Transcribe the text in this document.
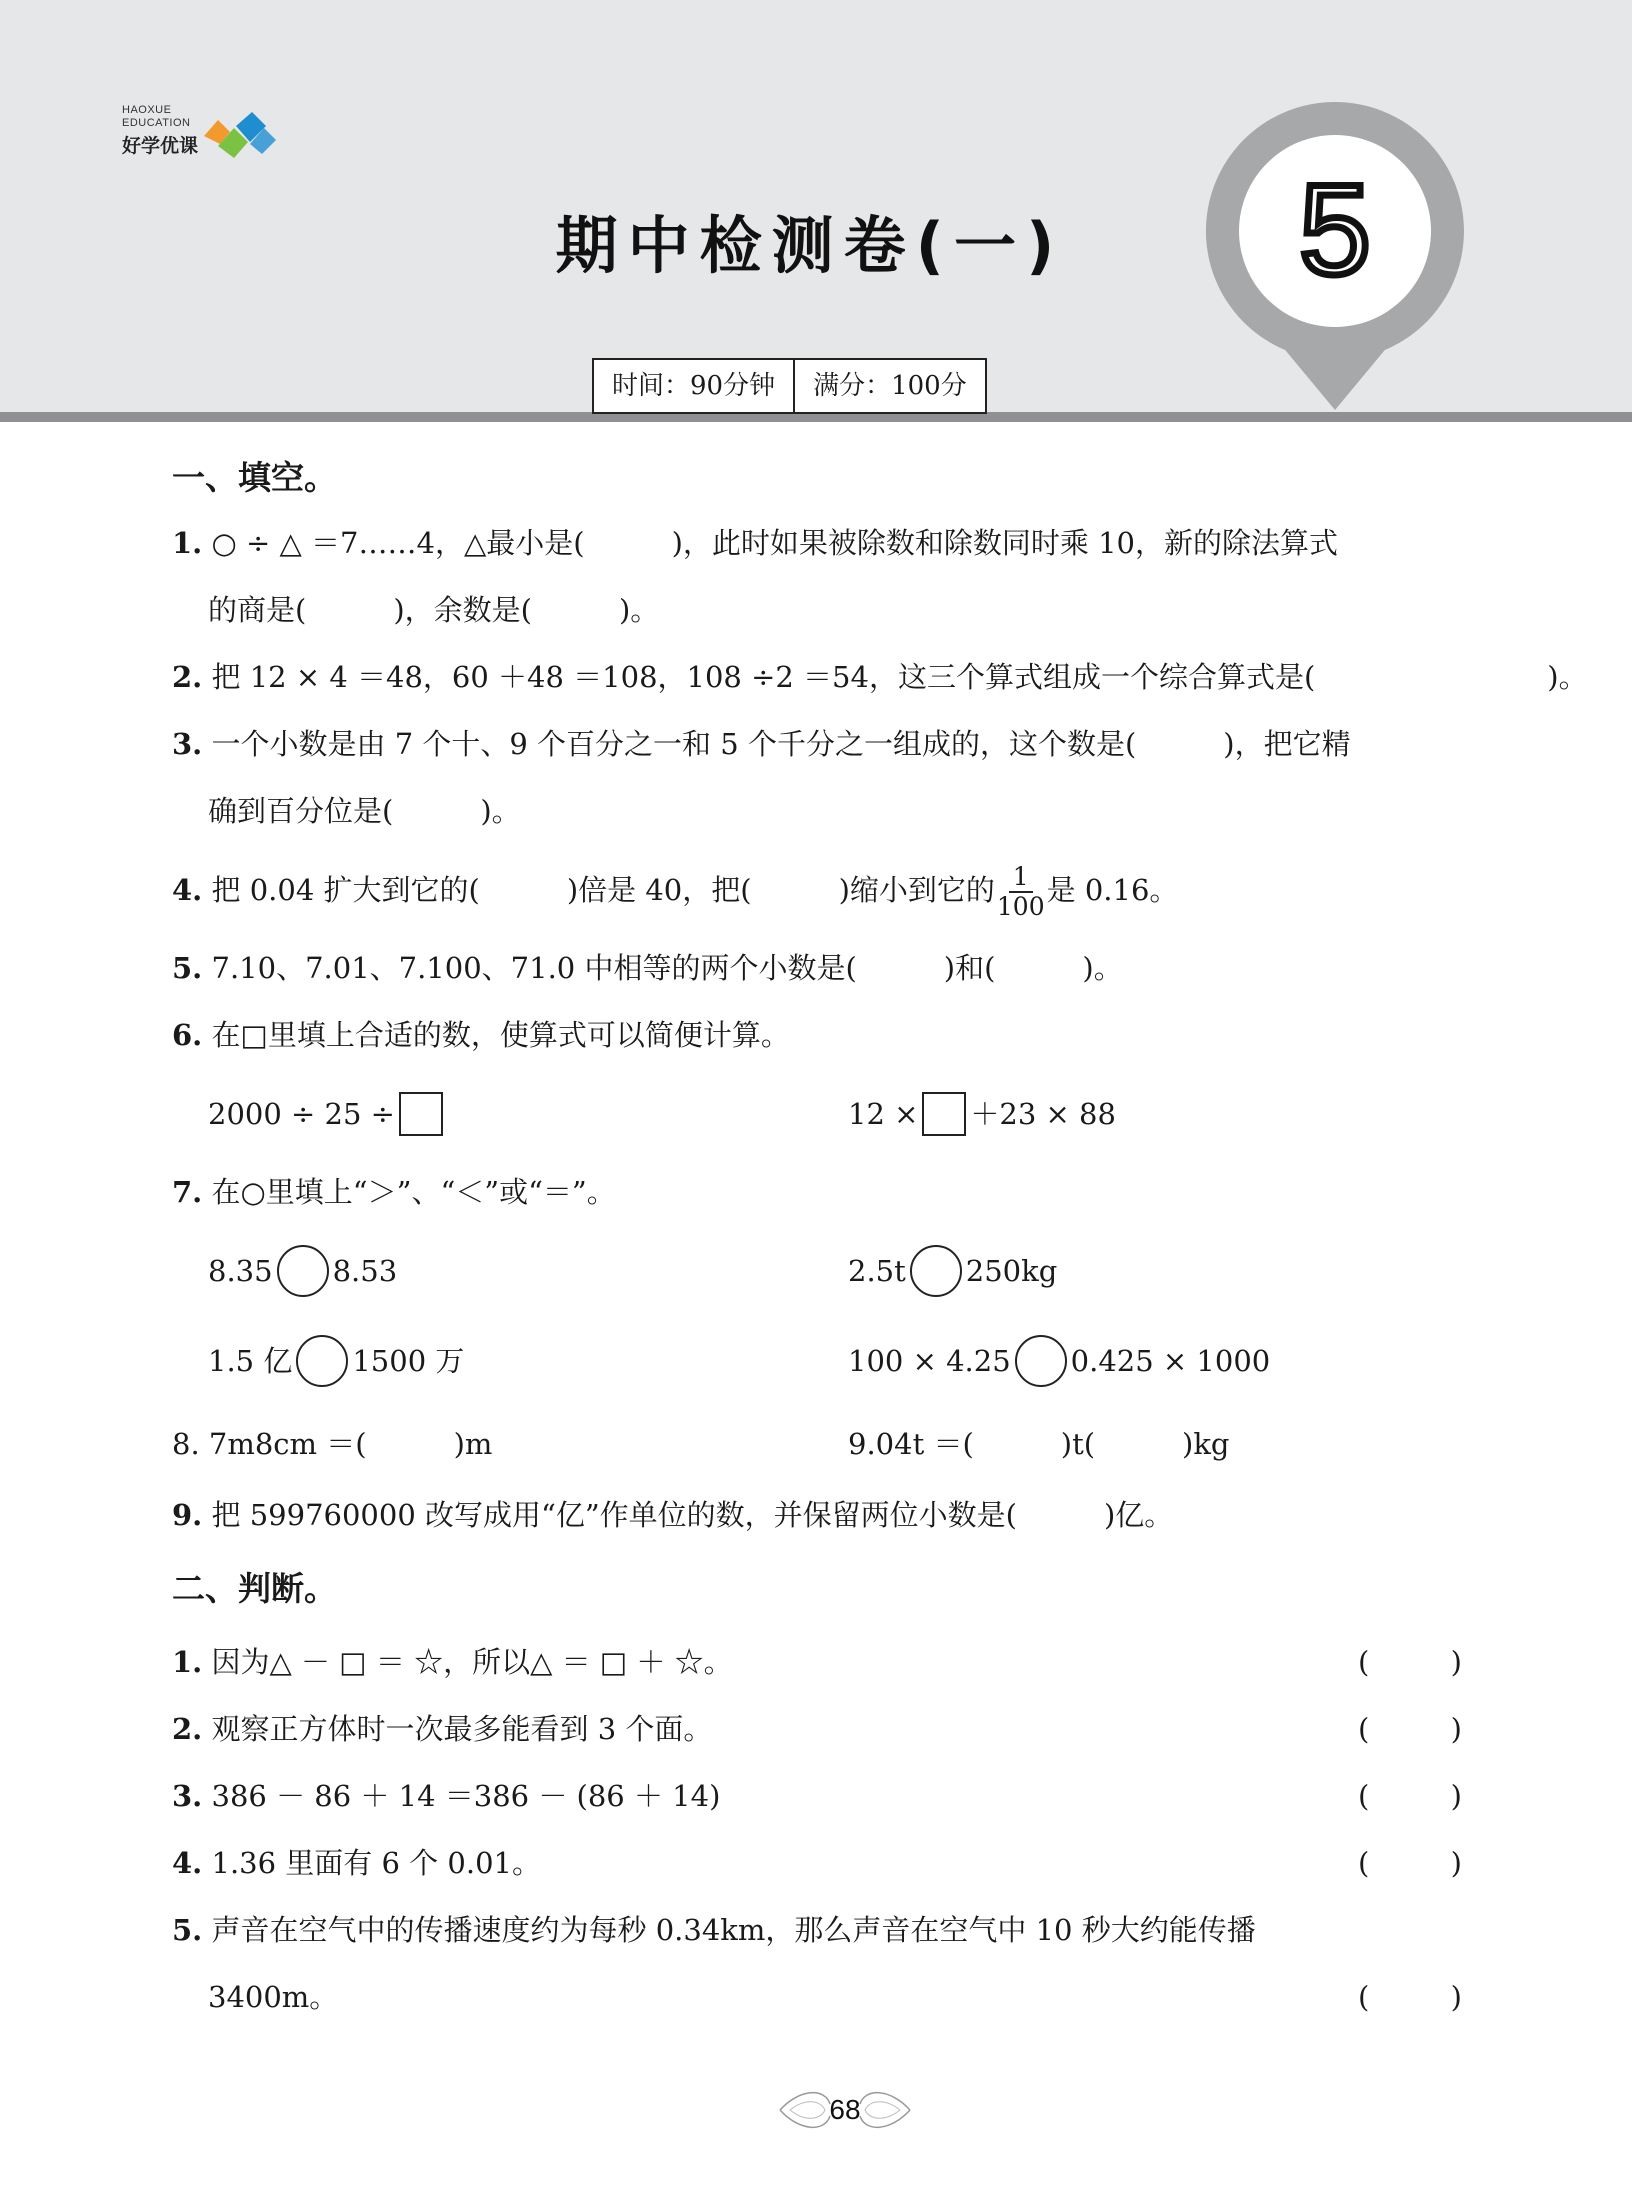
HAOXUE
EDUCATION
好学优课
期中检测卷(一)	5
时间：90分钟	满分：100分
一、填空。
1. ○ ÷ △ ＝7……4，△最小是(　　　)，此时如果被除数和除数同时乘 10，新的除法算式
的商是(　　　)，余数是(　　　)。
2. 把 12 × 4 ＝48，60 ＋48 ＝108，108 ÷2 ＝54，这三个算式组成一个综合算式是(　　　　　　　　)。
3. 一个小数是由 7 个十、9 个百分之一和 5 个千分之一组成的，这个数是(　　　)，把它精
确到百分位是(　　　)。
4. 把 0.04 扩大到它的(　　　)倍是 40，把(　　　)缩小到它的 $\frac{1}{100}$ 是 0.16。
5. 7.10、7.01、7.100、71.0 中相等的两个小数是(　　　)和(　　　)。
6. 在□里填上合适的数，使算式可以简便计算。
2000 ÷ 25 ÷	12 × ＋23 × 88
7. 在○里填上“＞”、“＜”或“＝”。
8.35 8.53	2.5t 250kg
1.5 亿 1500 万	100 × 4.25 0.425 × 1000
8.
7m8cm ＝(　　　)m	9.04t ＝(　　　)t(　　　)kg
9. 把 599760000 改写成用“亿”作单位的数，并保留两位小数是(　　　)亿。
二、判断。
1. 因为△ － □ ＝ ☆，所以△ ＝ □ ＋ ☆。	(	)
2. 观察正方体时一次最多能看到 3 个面。	(	)
3. 386 － 86 ＋ 14 ＝386 － (86 ＋ 14)	(	)
4. 1.36 里面有 6 个 0.01。	(	)
5. 声音在空气中的传播速度约为每秒 0.34km，那么声音在空气中 10 秒大约能传播
3400m。	(	)
68
